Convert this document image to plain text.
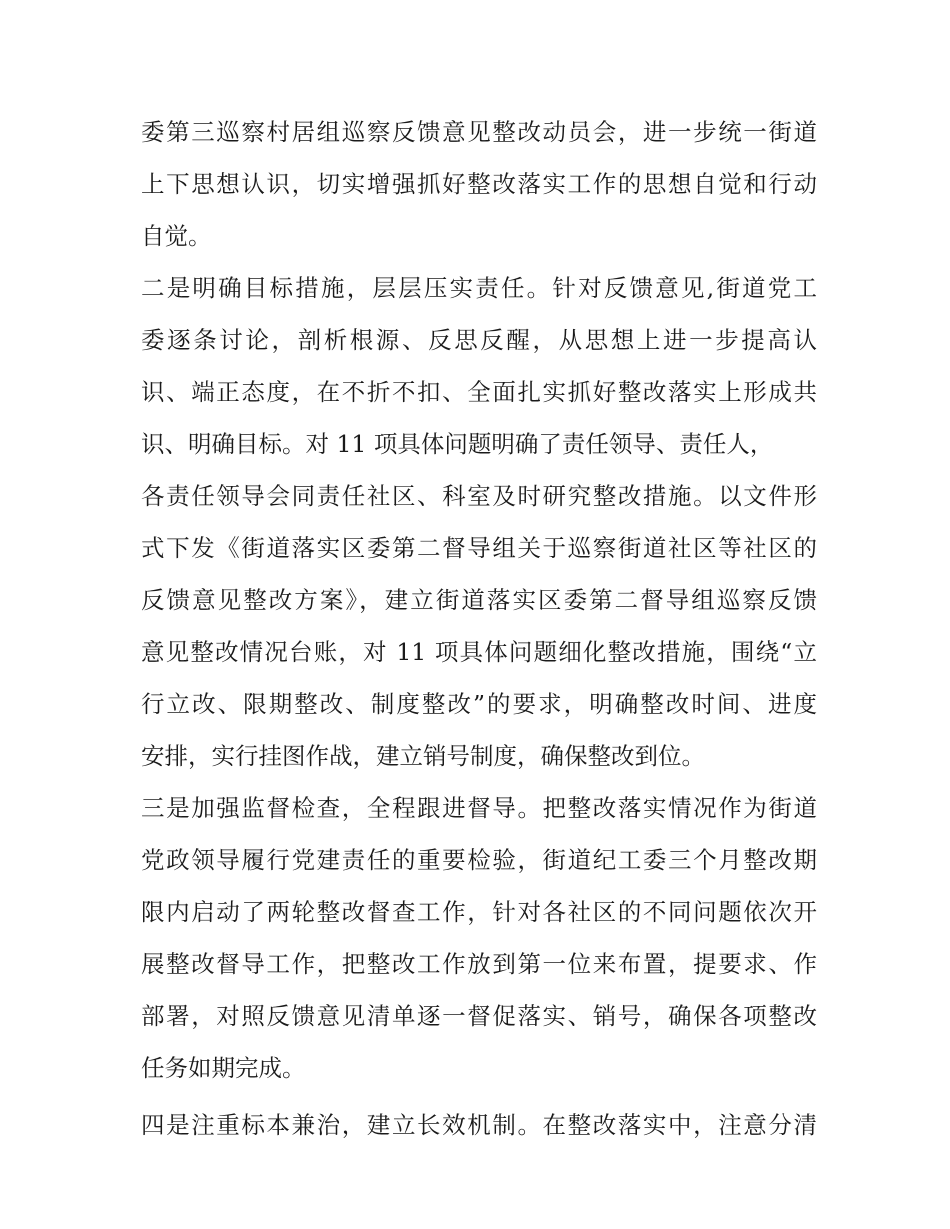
委第三巡察村居组巡察反馈意见整改动员会，进一步统一街道
上下思想认识，切实增强抓好整改落实工作的思想自觉和行动
自觉。
二是明确目标措施，层层压实责任。针对反馈意见,街道党工
委逐条讨论，剖析根源、反思反醒，从思想上进一步提高认
识、端正态度，在不折不扣、全面扎实抓好整改落实上形成共
识、明确目标。对 11 项具体问题明确了责任领导、责任人，
各责任领导会同责任社区、科室及时研究整改措施。以文件形
式下发《街道落实区委第二督导组关于巡察街道社区等社区的
反馈意见整改方案》，建立街道落实区委第二督导组巡察反馈
意见整改情况台账，对 11 项具体问题细化整改措施，围绕“立
行立改、限期整改、制度整改”的要求，明确整改时间、进度
安排，实行挂图作战，建立销号制度，确保整改到位。
三是加强监督检查，全程跟进督导。把整改落实情况作为街道
党政领导履行党建责任的重要检验，街道纪工委三个月整改期
限内启动了两轮整改督查工作，针对各社区的不同问题依次开
展整改督导工作，把整改工作放到第一位来布置，提要求、作
部署，对照反馈意见清单逐一督促落实、销号，确保各项整改
任务如期完成。
四是注重标本兼治，建立长效机制。在整改落实中，注意分清
